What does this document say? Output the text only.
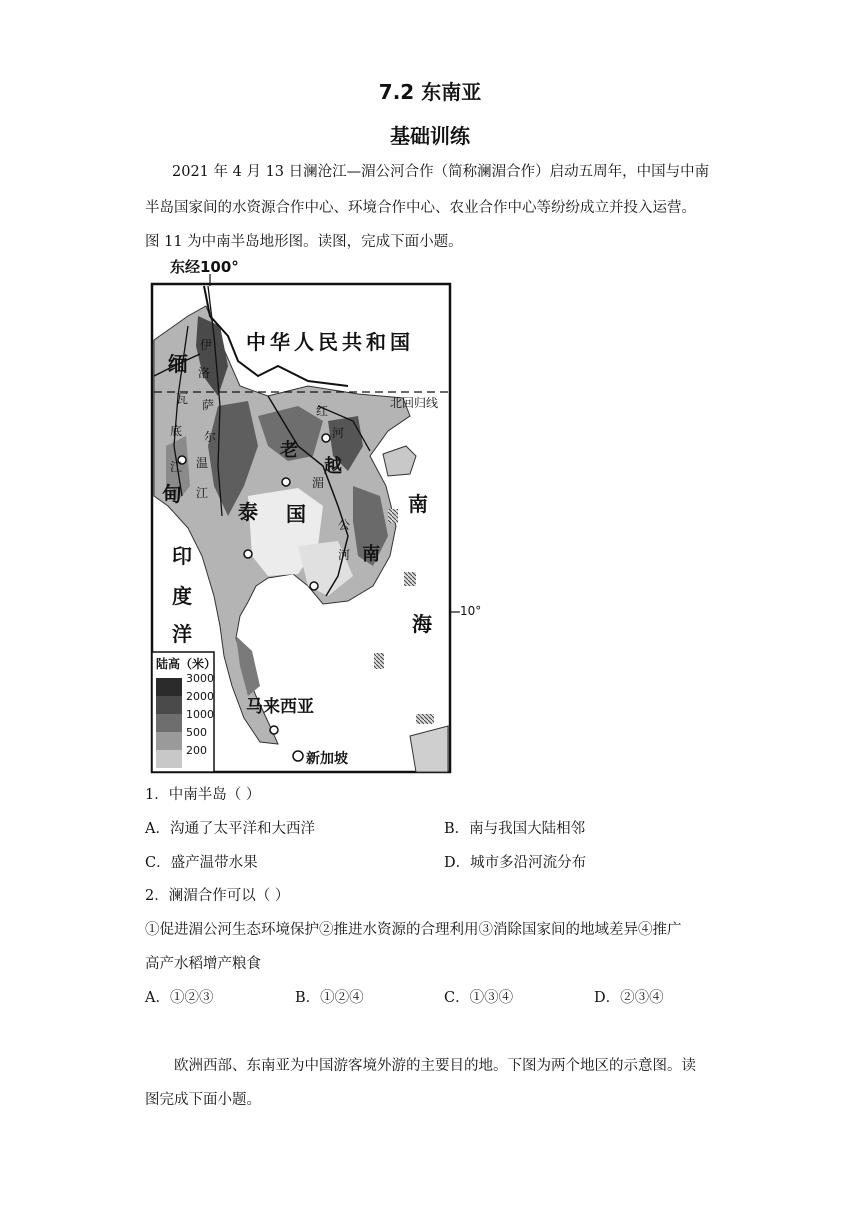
7.2 东南亚
基础训练
2021 年 4 月 13 日澜沧江—湄公河合作（简称澜湄合作）启动五周年，中国与中南
半岛国家间的水资源合作中心、环境合作中心、农业合作中心等纷纷成立并投入运营。
图 11 为中南半岛地形图。读图，完成下面小题。
东经100°
中华人民共和国
北回归线
10°
缅
甸
泰 国
老
越
南
南
海
印
度
洋
马来西亚
新加坡
伊
洛
瓦
底
江
萨
尔
温
江
红
河
湄
公
河
陆高（米）
3000
2000
1000
500
200
1．中南半岛（ ）
A．沟通了太平洋和大西洋	B．南与我国大陆相邻
C．盛产温带水果	D．城市多沿河流分布
2．澜湄合作可以（ ）
①促进湄公河生态环境保护②推进水资源的合理利用③消除国家间的地域差异④推广
高产水稻增产粮食
A．①②③	B．①②④	C．①③④	D．②③④
欧洲西部、东南亚为中国游客境外游的主要目的地。下图为两个地区的示意图。读
图完成下面小题。
